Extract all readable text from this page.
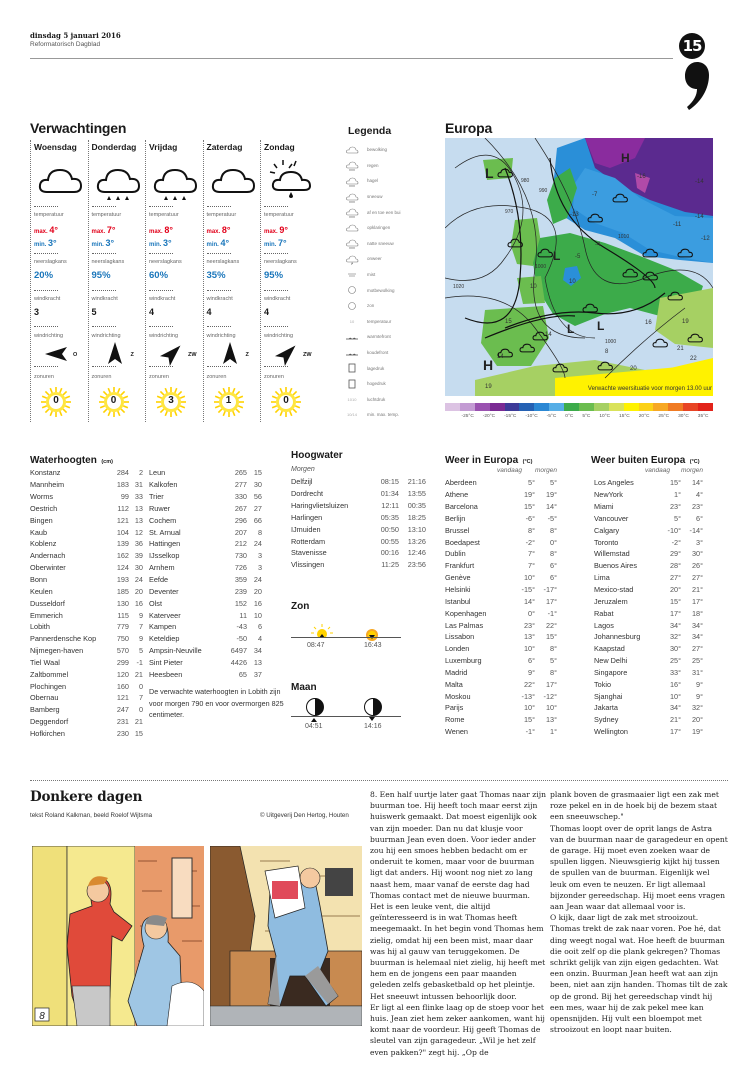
dinsdag 5 januari 2016
Reformatorisch Dagblad	15
Verwachtingen
Woensdag
temperatuur
max. 4°
min. 3°
neerslagkans
20%
windkracht
3
windrichting
O
zonuren
0
Donderdag
temperatuur
max. 7°
min. 3°
neerslagkans
95%
windkracht
5
windrichting
Z
zonuren
0
Vrijdag
temperatuur
max. 8°
min. 3°
neerslagkans
60%
windkracht
4
windrichting
ZW
zonuren
3
Zaterdag
temperatuur
max. 8°
min. 4°
neerslagkans
35%
windkracht
4
windrichting
Z
zonuren
1
Zondag
temperatuur
max. 9°
min. 7°
neerslagkans
95%
windkracht
4
windrichting
ZW
zonuren
0
Legenda
bewolking
regen
hagel
sneeuw
af en toe een bui
opklaringen
natte sneeuw
onweer
mist
motbewolking
zon
10	temperatuur
warmtefront
koudefront
lagedruk
hogedruk
1010	luchtdruk
10/14	min. max. temp.
Europa
L
L
L L
H
H
970
980
990
1000
1010
1000
1020
-16
-14
-14
-12
-11
-7
-13
-4
-5
10
10
14
14
8
15	16	19
22
21
20
19	Verwachte weersituatie voor morgen 13.00 uur
-25°C -20°C -15°C -10°C -5°C 0°C 5°C 10°C 15°C 20°C 25°C 30°C 35°C
Waterhoogten (cm)
Konstanz	284	2
Mannheim	183 31
Worms	99 33
Oestrich	112 13
Bingen	121 13
Kaub	104 12
Koblenz	139 36
Andernach	162 39
Oberwinter	124 30
Bonn	193 24
Keulen	185 20
Dusseldorf	130 16
Emmerich	115	9
Lobith	779	7
Pannerdensche Kop	750	9
Nijmegen-haven	570	5
Tiel Waal	299	-1
Zaltbommel	120 21
Plochingen	160	0
Obernau	121	7
Bamberg	247	0
Deggendorf	231 21
Hofkirchen	230 15
Leun	265 15
Kalkofen	277 30
Trier	330 56
Ruwer	267 27
Cochem	296 66
St. Arnual	207	8
Hattingen	212 24
IJsselkop	730	3
Arnhem	726	3
Eefde	359 24
Deventer	239 20
Olst	152 16
Katerveer	11 10
Kampen	-43	6
Keteldiep	-50	4
Ampsin-Neuville	6497 34
Sint Pieter	4426 13
Heesbeen	65 37
De verwachte waterhoogten in Lobith zijn voor morgen 790 en voor overmorgen 825 centimeter.
Hoogwater
Morgen
Delfzijl	08:15	21:16
Dordrecht	01:34	13:55
Haringvlietsluizen	12:11	00:35
Harlingen	05:35	18:25
IJmuiden	00:50	13:10
Rotterdam	00:55	13:26
Stavenisse	00:16	12:46
Vlissingen	11:25	23:56
Zon
08:47	16:43
Maan
04:51	14:16
Weer in Europa (°C)
vandaag morgen
Aberdeen	5°	5°
Athene	19°	19°
Barcelona	15°	14°
Berlijn	-6°	-5°
Brussel	8°	8°
Boedapest	-2°	0°
Dublin	7°	8°
Frankfurt	7°	6°
Genève	10°	6°
Helsinki	-15°	-17°
Istanbul	14°	17°
Kopenhagen	0°	-1°
Las Palmas	23°	22°
Lissabon	13°	15°
Londen	10°	8°
Luxemburg	6°	5°
Madrid	9°	8°
Malta	22°	17°
Moskou	-13°	-12°
Parijs	10°	10°
Rome	15°	13°
Wenen	-1°	1°
Weer buiten Europa (°C)
vandaag morgen
Los Angeles	15°	14°
NewYork	1°	4°
Miami	23°	23°
Vancouver	5°	6°
Calgary	-10°	-14°
Toronto	-2°	3°
Willemstad	29°	30°
Buenos Aires	28°	26°
Lima	27°	27°
Mexico-stad	20°	21°
Jeruzalem	15°	17°
Rabat	17°	18°
Lagos	34°	34°
Johannesburg	32°	34°
Kaapstad	30°	27°
New Delhi	25°	25°
Singapore	33°	31°
Tokio	16°	9°
Sjanghai	10°	9°
Jakarta	34°	32°
Sydney	21°	20°
Wellington	17°	19°
Donkere dagen
tekst Roland Kalkman, beeld Roelof Wijtsma	© Uitgeverij Den Hertog, Houten
8

8. Een half uurtje later gaat Thomas naar zijn buurman toe. Hij heeft toch maar eerst zijn huiswerk gemaakt. Dat moest eigenlijk ook van zijn moeder. Dan nu dat klusje voor buurman Jean even doen. Voor ieder ander zou hij een smoes hebben bedacht om er onderuit te komen, maar voor de buurman ligt dat anders. Hij woont nog niet zo lang naast hem, maar vanaf de eerste dag had Thomas contact met de nieuwe buurman. Het is een leuke vent, die altijd geïnteresseerd is in wat Thomas heeft meegemaakt. In het begin vond Thomas hem zielig, omdat hij een been mist, maar daar was hij al gauw van teruggekomen. De buurman is helemaal niet zielig, hij heeft met hem en de jongens een paar maanden geleden zelfs gebasketbald op het pleintje. Het sneeuwt intussen behoorlijk door.

Er ligt al een flinke laag op de stoep voor het huis. Jean ziet hem zeker aankomen, want hij komt naar de voordeur. Hij geeft Thomas de sleutel van zijn garagedeur. „Wil je het zelf even pakken?" zegt hij. „Op de

plank boven de grasmaaier ligt een zak met roze pekel en in de hoek bij de bezem staat een sneeuwschep."

Thomas loopt over de oprit langs de Astra van de buurman naar de garagedeur en opent de garage. Hij moet even zoeken waar de spullen liggen. Nieuwsgierig kijkt hij tussen de spullen van de buurman. Eigenlijk wel leuk om even te neuzen. Er ligt allemaal bijzonder gereedschap. Hij moet eens vragen aan Jean waar dat allemaal voor is.

O kijk, daar ligt de zak met strooizout. Thomas trekt de zak naar voren. Poe hé, dat ding weegt nogal wat. Hoe heeft de buurman die ooit zelf op die plank gekregen? Thomas schrikt gelijk van zijn eigen gedachten. Wat een onzin. Buurman Jean heeft wat aan zijn been, niet aan zijn handen. Thomas tilt de zak op de grond. Bij het gereedschap vindt hij een mes, waar hij de zak pekel mee kan opensnijden. Hij vult een bloempot met strooizout en loopt naar buiten.
